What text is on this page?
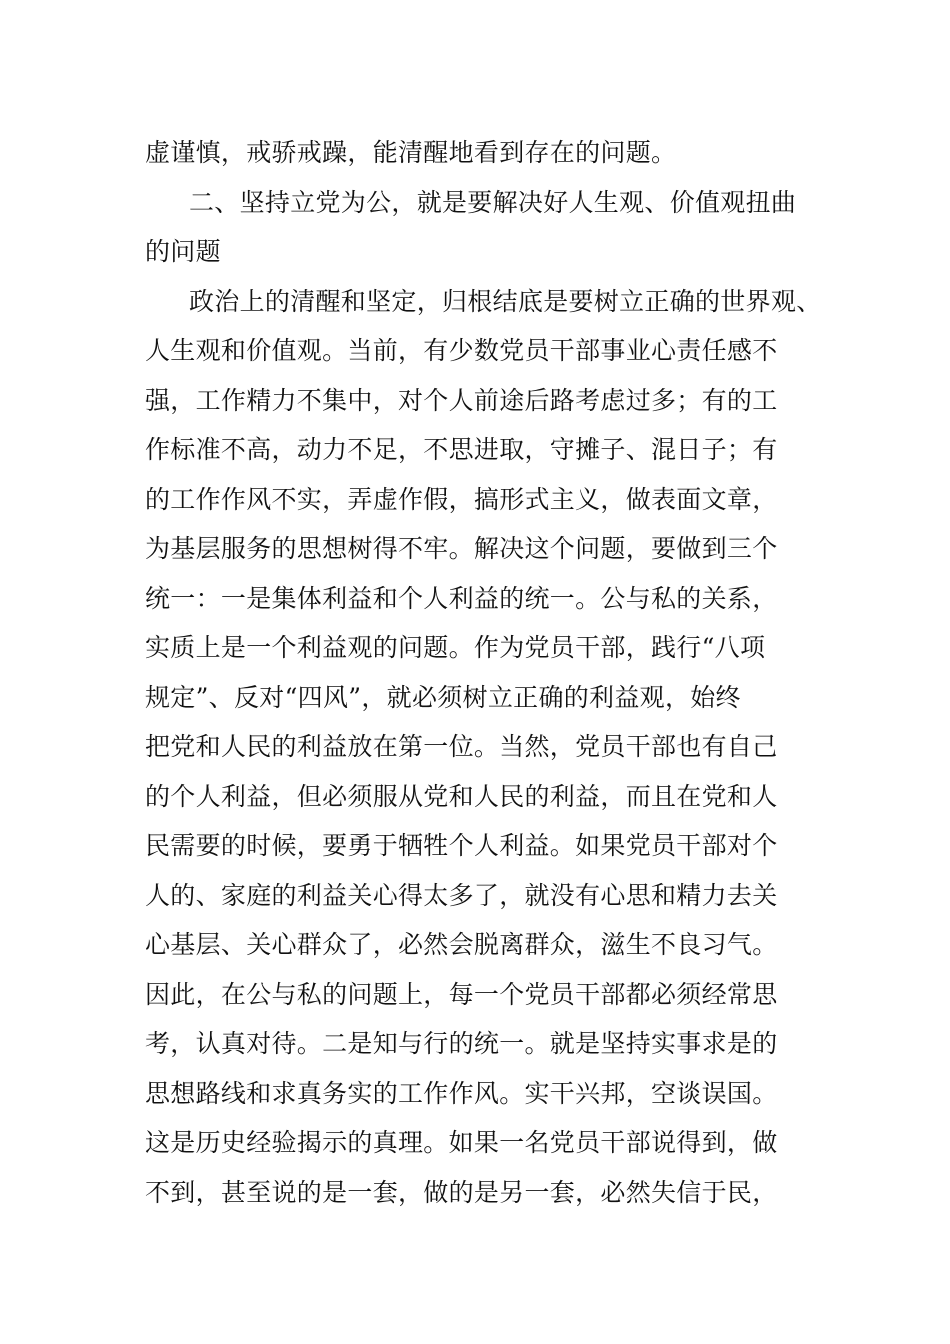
虚谨慎，戒骄戒躁，能清醒地看到存在的问题。
二、坚持立党为公，就是要解决好人生观、价值观扭曲
的问题
政治上的清醒和坚定，归根结底是要树立正确的世界观、
人生观和价值观。当前，有少数党员干部事业心责任感不
强，工作精力不集中，对个人前途后路考虑过多；有的工
作标准不高，动力不足，不思进取，守摊子、混日子；有
的工作作风不实，弄虚作假，搞形式主义，做表面文章，
为基层服务的思想树得不牢。解决这个问题，要做到三个
统一：一是集体利益和个人利益的统一。公与私的关系，
实质上是一个利益观的问题。作为党员干部，践行“八项
规定”、反对“四风”，就必须树立正确的利益观，始终
把党和人民的利益放在第一位。当然，党员干部也有自己
的个人利益，但必须服从党和人民的利益，而且在党和人
民需要的时候，要勇于牺牲个人利益。如果党员干部对个
人的、家庭的利益关心得太多了，就没有心思和精力去关
心基层、关心群众了，必然会脱离群众，滋生不良习气。
因此，在公与私的问题上，每一个党员干部都必须经常思
考，认真对待。二是知与行的统一。就是坚持实事求是的
思想路线和求真务实的工作作风。实干兴邦，空谈误国。
这是历史经验揭示的真理。如果一名党员干部说得到，做
不到，甚至说的是一套，做的是另一套，必然失信于民，
